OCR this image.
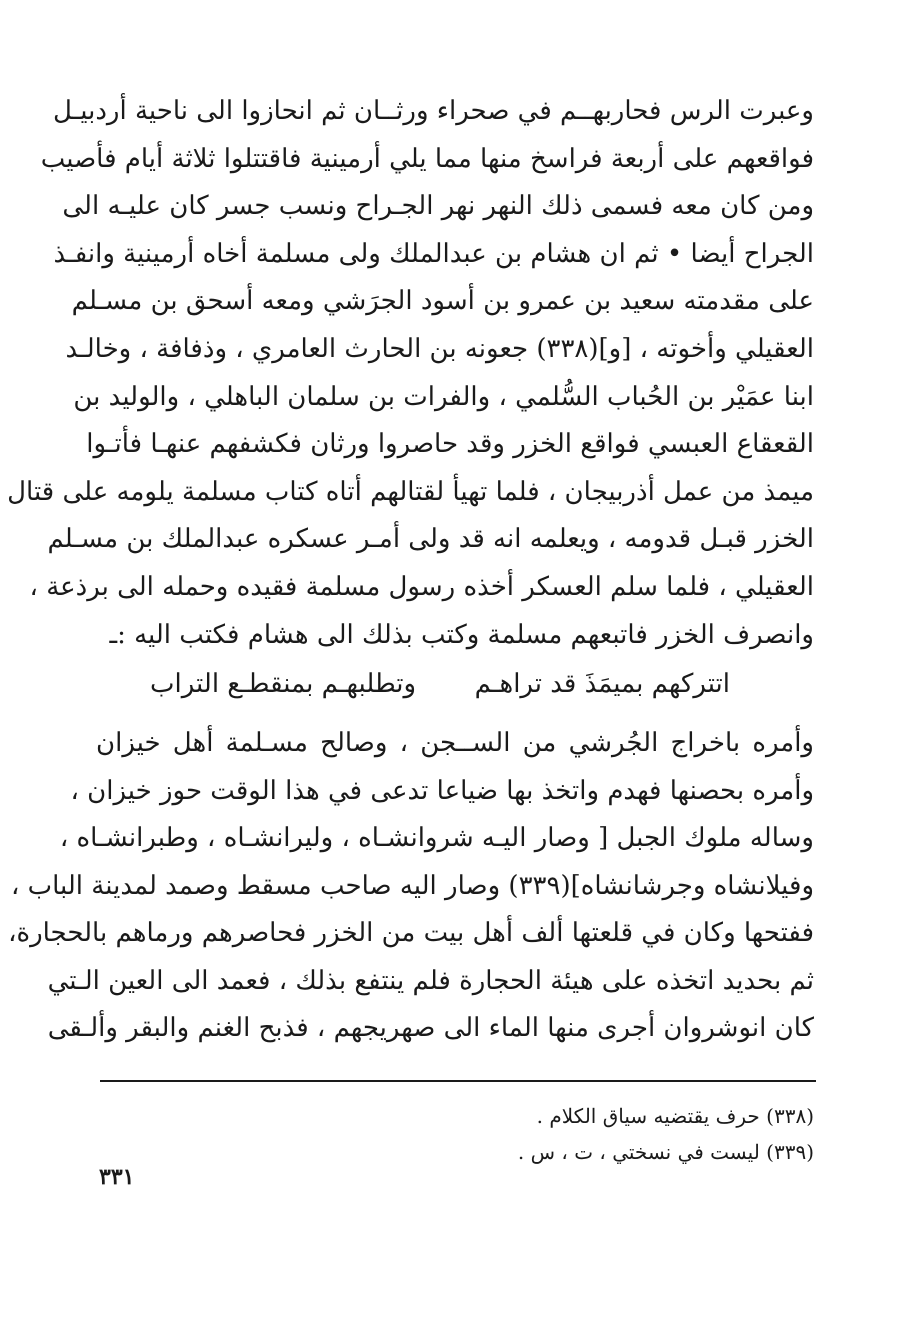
وعبرت الرس فحاربهــم في صحراء ورثــان ثم انحازوا الى ناحية أردبيـل
فواقعهم على أربعة فراسخ منها مما يلي أرمينية فاقتتلوا ثلاثة أيام فأصيب
ومن كان معه فسمى ذلك النهر نهر الجـراح ونسب جسر كان عليـه الى
الجراح أيضا • ثم ان هشام بن عبدالملك ولى مسلمة أخاه أرمينية وانفـذ
على مقدمته سعيد بن عمرو بن أسود الجرَشي ومعه أسحق بن مسـلم
العقيلي وأخوته ، [و](٣٣٨) جعونه بن الحارث العامري ، وذفافة ، وخالـد
ابنا عمَيْر بن الحُباب السُّلمي ، والفرات بن سلمان الباهلي ، والوليد بن
القعقاع العبسي فواقع الخزر وقد حاصروا ورثان فكشفهم عنهـا فأتـوا
ميمذ من عمل أذربيجان ، فلما تهيأ لقتالهم أتاه كتاب مسلمة يلومه على قتال
الخزر قبـل قدومه ، ويعلمه انه قد ولى أمـر عسكره عبدالملك بن مسـلم
العقيلي ، فلما سلم العسكر أخذه رسول مسلمة فقيده وحمله الى برذعة ،
وانصرف الخزر فاتبعهم مسلمة وكتب بذلك الى هشام فكتب اليه :ـ
اتتركهم بميمَذَ قد تراهـم
وتطلبهـم بمنقطـع التراب
وأمره باخراج الجُرشي من الســجن ، وصالح مسـلمة أهل خيزان
وأمره بحصنها فهدم واتخذ بها ضياعا تدعى في هذا الوقت حوز خيزان ،
وساله ملوك الجبل [ وصار اليـه شروانشـاه ، وليرانشـاه ، وطبرانشـاه ،
وفيلانشاه وجرشانشاه](٣٣٩) وصار اليه صاحب مسقط وصمد لمدينة الباب ،
ففتحها وكان في قلعتها ألف أهل بيت من الخزر فحاصرهم ورماهم بالحجارة،
ثم بحديد اتخذه على هيئة الحجارة فلم ينتفع بذلك ، فعمد الى العين الـتي
كان انوشروان أجرى منها الماء الى صهريجهم ، فذبح الغنم والبقر وألـقى
(٣٣٨) حرف يقتضيه سياق الكلام .
(٣٣٩) ليست في نسختي ، ت ، س .
٣٣١
